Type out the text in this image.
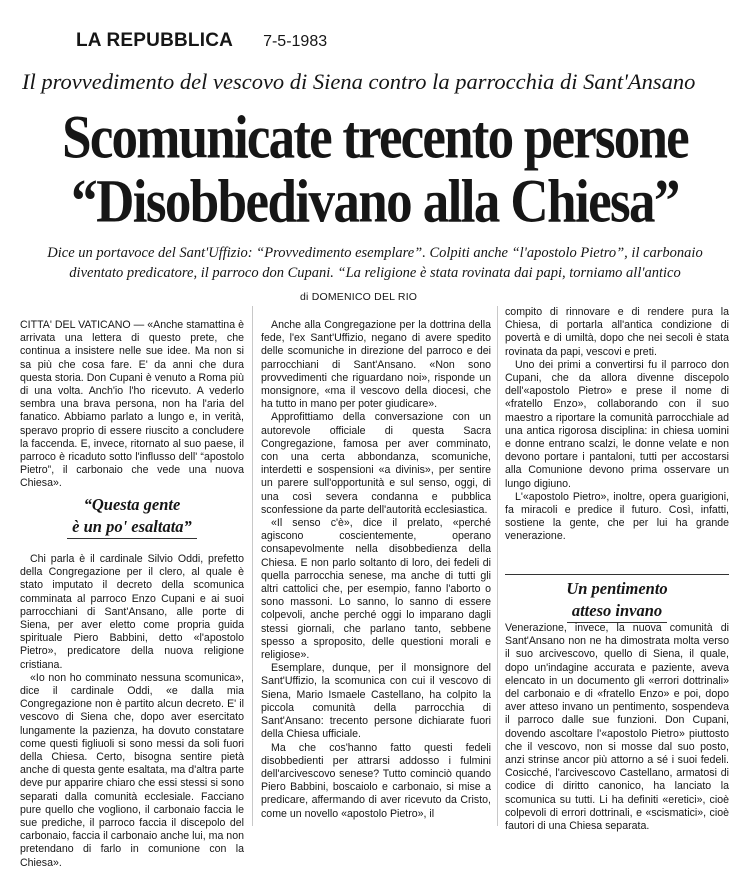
LA REPUBBLICA 7-5-1983
Il provvedimento del vescovo di Siena contro la parrocchia di Sant'Ansano
Scomunicate trecento persone
“Disobbedivano alla Chiesa”
Dice un portavoce del Sant'Uffizio: “Provvedimento esemplare”. Colpiti anche “l'apostolo Pietro”, il carbonaio
diventato predicatore, il parroco don Cupani. “La religione è stata rovinata dai papi, torniamo all'antico
di DOMENICO DEL RIO

CITTA' DEL VATICANO — «Anche stamattina è arrivata una lettera di questo prete, che continua a insistere nelle sue idee. Ma non si sa più che cosa fare. E' da anni che dura questa storia. Don Cupani è venuto a Roma più di una volta. Anch'io l'ho ricevuto. A vederlo sembra una brava persona, non ha l'aria del fanatico. Abbiamo parlato a lungo e, in verità, speravo proprio di essere riuscito a concludere la faccenda. E, invece, ritornato al suo paese, il parroco è ricaduto sotto l'influsso dell' “apostolo Pietro”, il carbonaio che vede una nuova Chiesa».

“Questa gente
è un po' esaltata”

Chi parla è il cardinale Silvio Oddi, prefetto della Congregazione per il clero, al quale è stato imputato il decreto della scomunica comminata al parroco Enzo Cupani e ai suoi parrocchiani di Sant'Ansano, alle porte di Siena, per aver eletto come propria guida spirituale Piero Babbini, detto «l'apostolo Pietro», predicatore della nuova religione cristiana.

«Io non ho comminato nessuna scomunica», dice il cardinale Oddi, «e dalla mia Congregazione non è partito alcun decreto. E' il vescovo di Siena che, dopo aver esercitato lungamente la pazienza, ha dovuto constatare come questi figliuoli si sono messi da soli fuori della Chiesa. Certo, bisogna sentire pietà anche di questa gente esaltata, ma d'altra parte deve pur apparire chiaro che essi stessi si sono separati dalla comunità ecclesiale. Facciano pure quello che vogliono, il carbonaio faccia le sue prediche, il parroco faccia il discepolo del carbonaio, faccia il carbonaio anche lui, ma non pretendano di farlo in comunione con la Chiesa».

Anche alla Congregazione per la dottrina della fede, l'ex Sant'Uffizio, negano di avere spedito delle scomuniche in direzione del parroco e dei parrocchiani di Sant'Ansano. «Non sono provvedimenti che riguardano noi», risponde un monsignore, «ma il vescovo della diocesi, che ha tutto in mano per poter giudicare».

Approfittiamo della conversazione con un autorevole officiale di questa Sacra Congregazione, famosa per aver comminato, con una certa abbondanza, scomuniche, interdetti e sospensioni «a divinis», per sentire un parere sull'opportunità e sul senso, oggi, di una così severa condanna e pubblica sconfessione da parte dell'autorità ecclesiastica.

«Il senso c'è», dice il prelato, «perché agiscono coscientemente, operano consapevolmente nella disobbedienza della Chiesa. E non parlo soltanto di loro, dei fedeli di quella parrocchia senese, ma anche di tutti gli altri cattolici che, per esempio, fanno l'aborto o sono massoni. Lo sanno, lo sanno di essere colpevoli, anche perché oggi lo imparano dagli stessi giornali, che parlano tanto, sebbene spesso a sproposito, delle questioni morali e religiose».

Esemplare, dunque, per il monsignore del Sant'Uffizio, la scomunica con cui il vescovo di Siena, Mario Ismaele Castellano, ha colpito la piccola comunità della parrocchia di Sant'Ansano: trecento persone dichiarate fuori della Chiesa ufficiale.

Ma che cos'hanno fatto questi fedeli disobbedienti per attrarsi addosso i fulmini dell'arcivescovo senese? Tutto cominciò quando Piero Babbini, boscaiolo e carbonaio, si mise a predicare, affermando di aver ricevuto da Cristo, come un novello «apostolo Pietro», il

compito di rinnovare e di rendere pura la Chiesa, di portarla all'antica condizione di povertà e di umiltà, dopo che nei secoli è stata rovinata da papi, vescovi e preti.

Uno dei primi a convertirsi fu il parroco don Cupani, che da allora divenne discepolo dell'«apostolo Pietro» e prese il nome di «fratello Enzo», collaborando con il suo maestro a riportare la comunità parrocchiale ad una antica rigorosa disciplina: in chiesa uomini e donne entrano scalzi, le donne velate e non devono portare i pantaloni, tutti per accostarsi alla Comunione devono prima osservare un lungo digiuno.

L'«apostolo Pietro», inoltre, opera guarigioni, fa miracoli e predice il futuro. Così, infatti, sostiene la gente, che per lui ha grande venerazione.

Un pentimento
atteso invano

Venerazione, invece, la nuova comunità di Sant'Ansano non ne ha dimostrata molta verso il suo arcivescovo, quello di Siena, il quale, dopo un'indagine accurata e paziente, aveva elencato in un documento gli «errori dottrinali» del carbonaio e di «fratello Enzo» e poi, dopo aver atteso invano un pentimento, sospendeva il parroco dalle sue funzioni. Don Cupani, dovendo ascoltare l'«apostolo Pietro» piuttosto che il vescovo, non si mosse dal suo posto, anzi strinse ancor più attorno a sé i suoi fedeli. Cosicché, l'arcivescovo Castellano, armatosi di codice di diritto canonico, ha lanciato la scomunica su tutti. Li ha definiti «eretici», cioè colpevoli di errori dottrinali, e «scismatici», cioè fautori di una Chiesa separata.
